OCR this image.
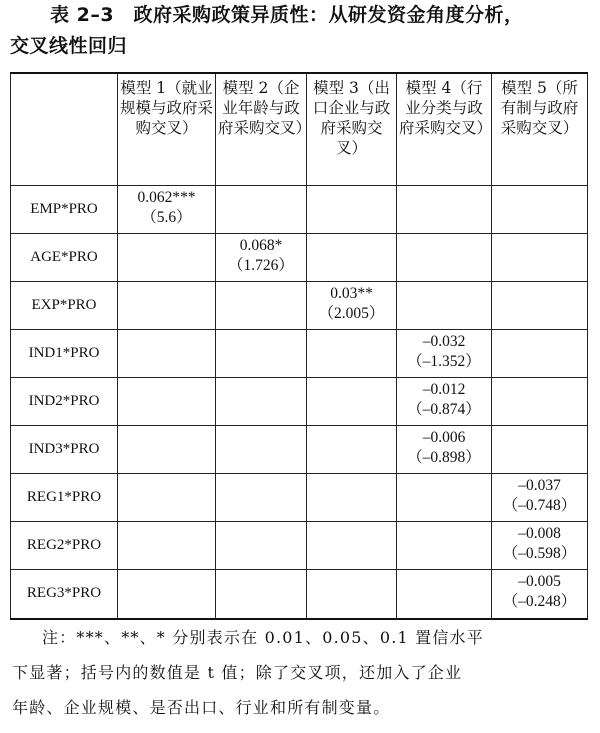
表 2–3　政府采购政策异质性：从研发资金角度分析，
交叉线性回归
	模型 1（就业规模与政府采购交叉）	模型 2（企业年龄与政府采购交叉）	模型 3（出口企业与政府采购交叉）	模型 4（行业分类与政府采购交叉）	模型 5（所有制与政府采购交叉）
EMP*PRO	0.062***
（5.6）				

AGE*PRO		0.068*
（1.726）			

EXP*PRO			0.03**
（2.005）		

IND1*PRO				–0.032
（–1.352）	

IND2*PRO				–0.012
（–0.874）	

IND3*PRO				–0.006
（–0.898）	

REG1*PRO					–0.037
（–0.748）

REG2*PRO					–0.008
（–0.598）

REG3*PRO					–0.005
（–0.248）
注：***、**、* 分别表示在 0.01、0.05、0.1 置信水平
下显著；括号内的数值是 t 值；除了交叉项，还加入了企业
年龄、企业规模、是否出口、行业和所有制变量。
